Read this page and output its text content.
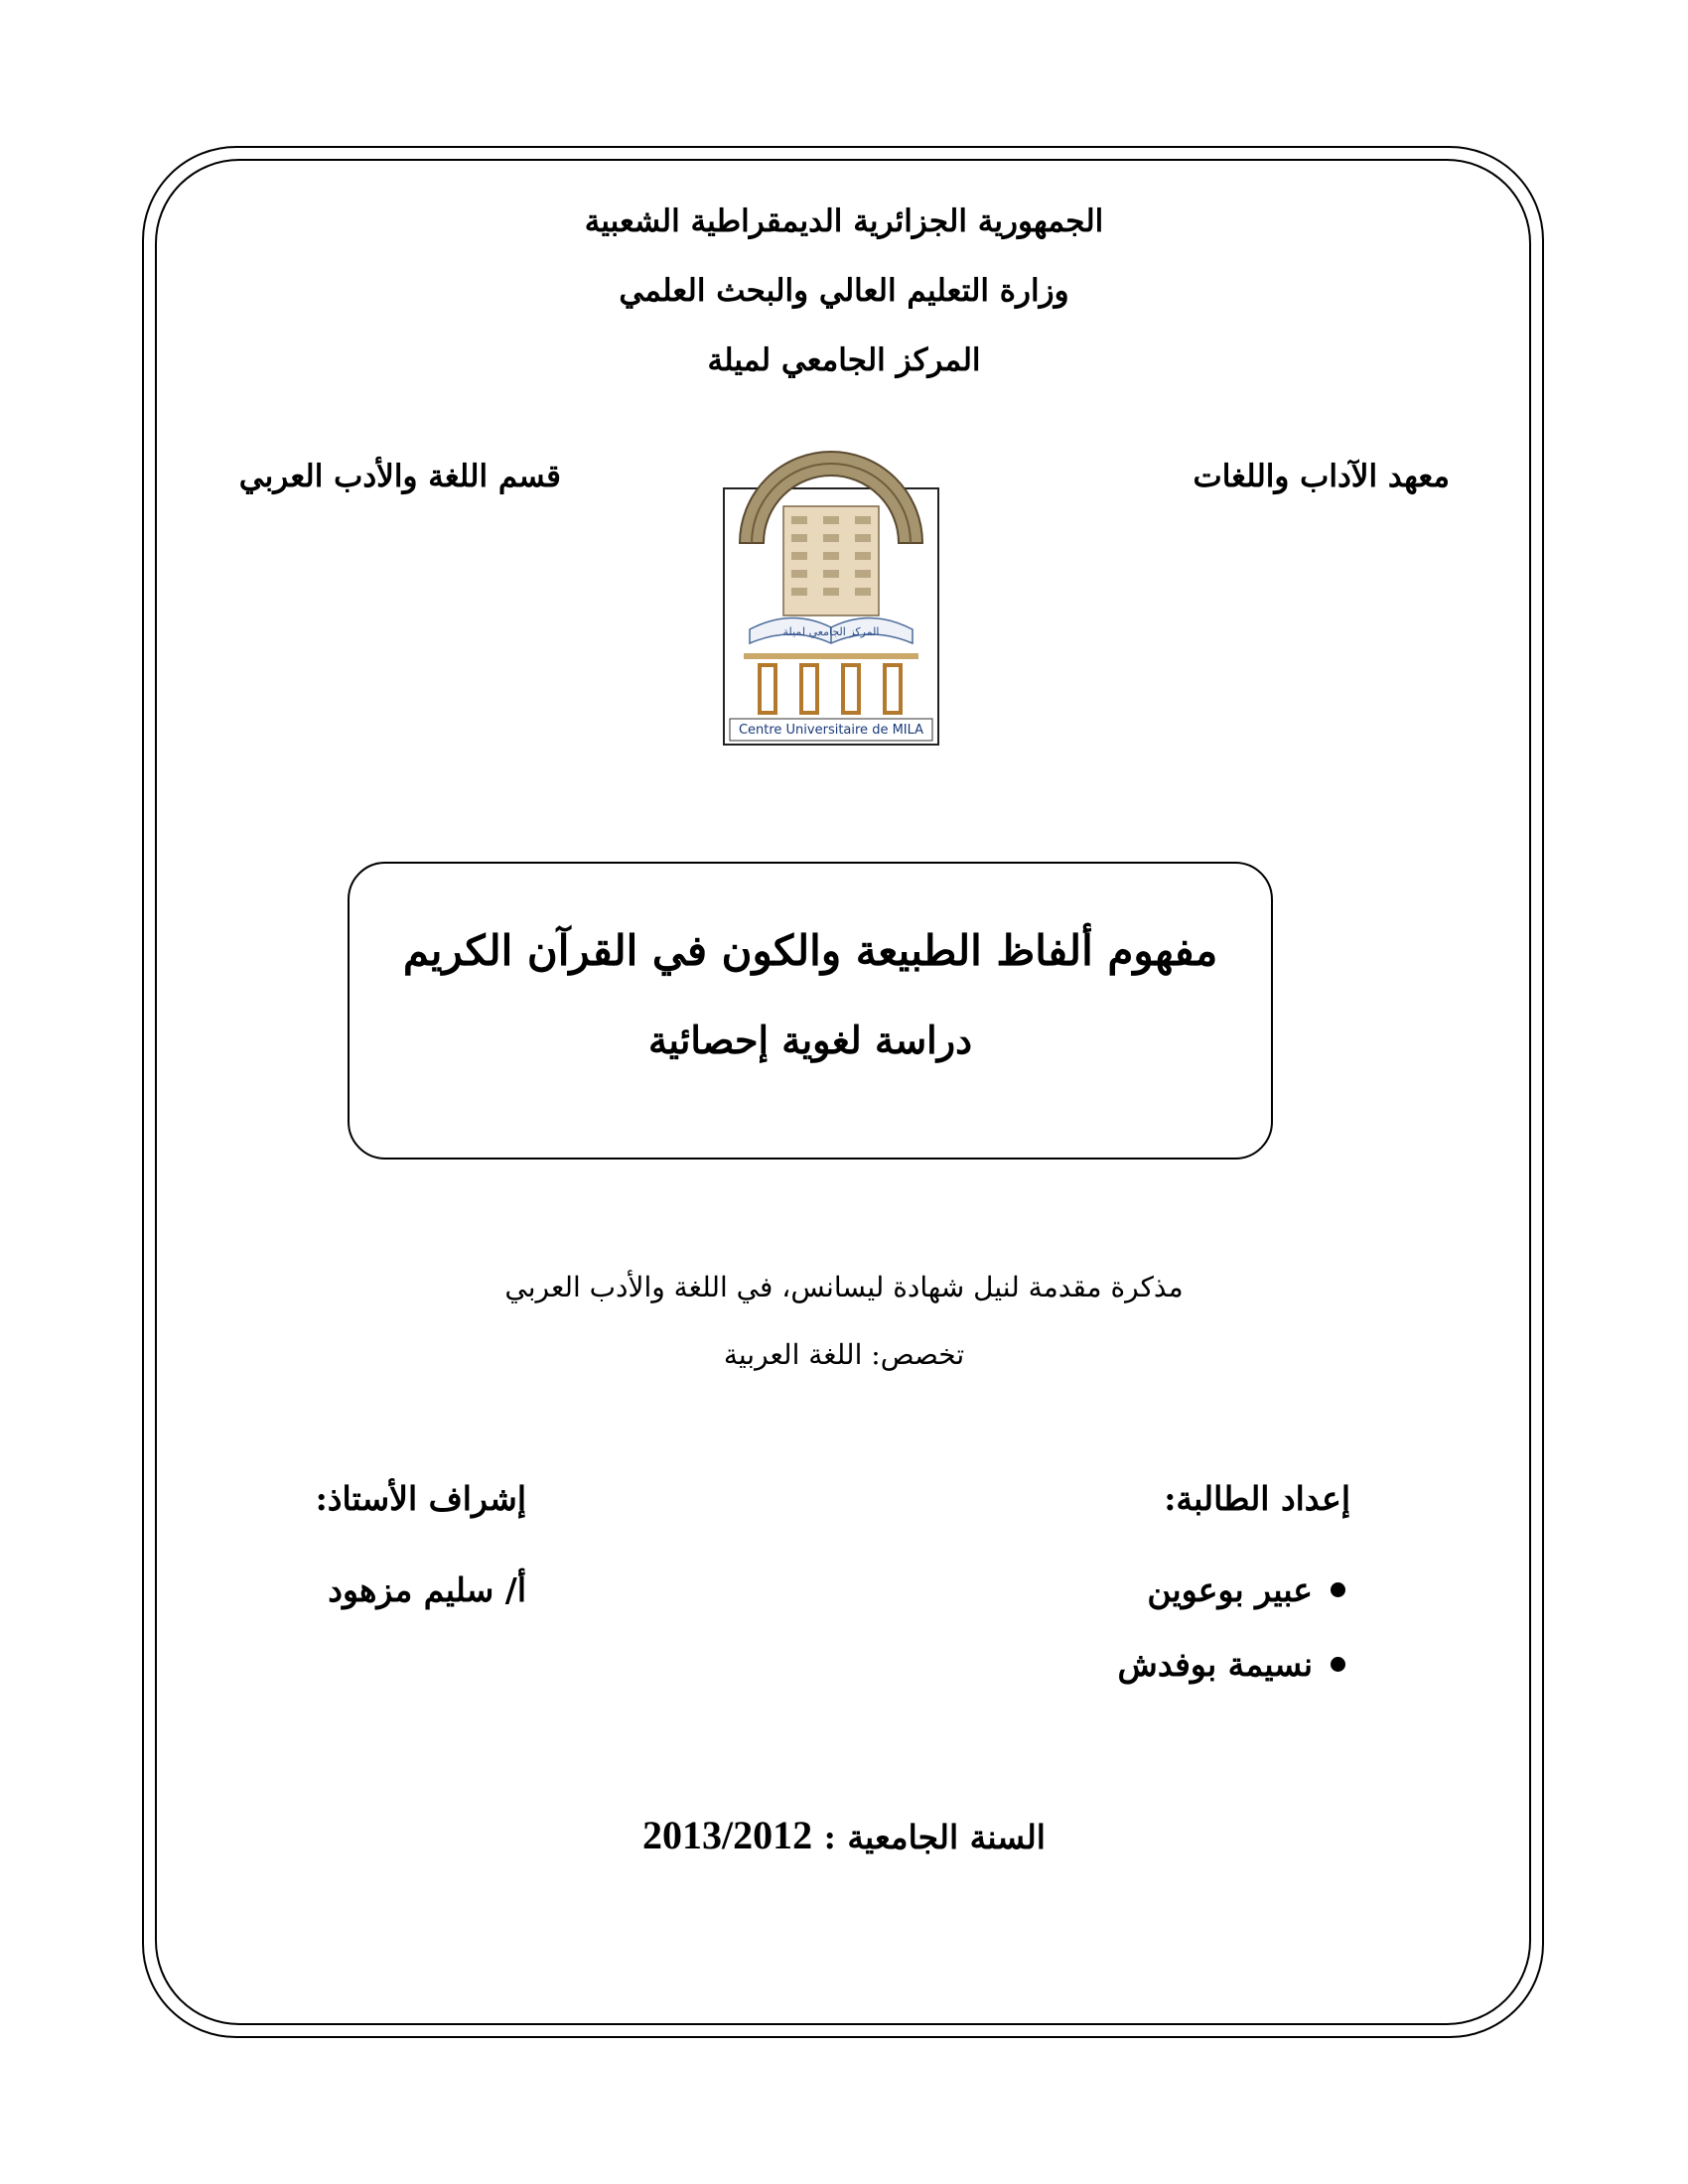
الجمهورية الجزائرية الديمقراطية الشعبية
وزارة التعليم العالي والبحث العلمي
المركز الجامعي لميلة
معهد الآداب واللغات
قسم اللغة والأدب العربي
المركز الجامعي لميلة
Centre Universitaire de MILA
مفهوم ألفاظ الطبيعة والكون في القرآن الكريم
دراسة لغوية إحصائية
مذكرة مقدمة لنيل شهادة ليسانس، في اللغة والأدب العربي
تخصص: اللغة العربية
إعداد الطالبة:
إشراف الأستاذ:
عبير بوعوين
نسيمة بوفدش
أ/ سليم مزهود
السنة الجامعية : 2013/2012
